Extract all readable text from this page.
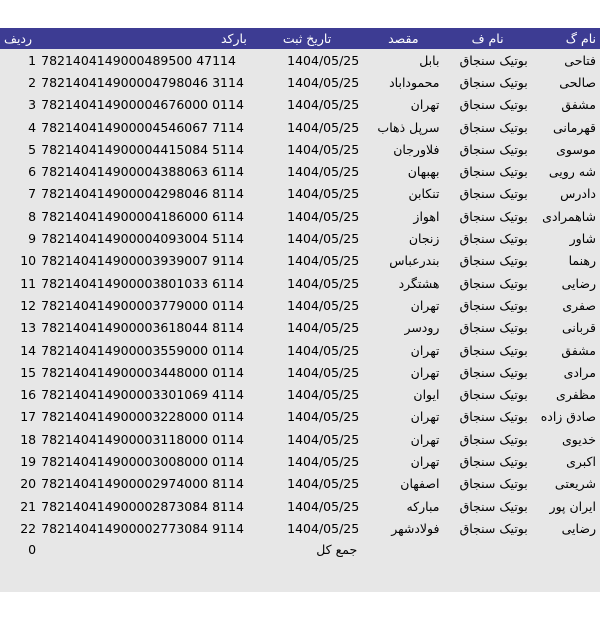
ردیف	بارکد	تاریخ ثبت	مقصد	نام ف	نام گ
1	7821404149000489500 47114	1404/05/25	بابل	بوتیک سنجاق	فتاحی
2	782140414900004798046 3114	1404/05/25	محموداباد	بوتیک سنجاق	صالحی
3	782140414900004676000 0114	1404/05/25	تهران	بوتیک سنجاق	مشفق
4	782140414900004546067 7114	1404/05/25	سرپل ذهاب	بوتیک سنجاق	قهرمانی
5	782140414900004415084 5114	1404/05/25	فلاورجان	بوتیک سنجاق	موسوی
6	782140414900004388063 6114	1404/05/25	بهبهان	بوتیک سنجاق	شه رویی
7	782140414900004298046 8114	1404/05/25	تنکابن	بوتیک سنجاق	دادرس
8	782140414900004186000 6114	1404/05/25	اهواز	بوتیک سنجاق	شاهمرادی
9	782140414900004093004 5114	1404/05/25	زنجان	بوتیک سنجاق	شاور
10	782140414900003939007 9114	1404/05/25	بندرعباس	بوتیک سنجاق	رهنما
11	782140414900003801033 6114	1404/05/25	هشتگرد	بوتیک سنجاق	رضایی
12	782140414900003779000 0114	1404/05/25	تهران	بوتیک سنجاق	صفری
13	782140414900003618044 8114	1404/05/25	رودسر	بوتیک سنجاق	قربانی
14	782140414900003559000 0114	1404/05/25	تهران	بوتیک سنجاق	مشفق
15	782140414900003448000 0114	1404/05/25	تهران	بوتیک سنجاق	مرادی
16	782140414900003301069 4114	1404/05/25	ایوان	بوتیک سنجاق	مظفری
17	782140414900003228000 0114	1404/05/25	تهران	بوتیک سنجاق	صادق زاده
18	782140414900003118000 0114	1404/05/25	تهران	بوتیک سنجاق	خدیوی
19	782140414900003008000 0114	1404/05/25	تهران	بوتیک سنجاق	اکبری
20	782140414900002974000 8114	1404/05/25	اصفهان	بوتیک سنجاق	شریعتی
21	782140414900002873084 8114	1404/05/25	مبارکه	بوتیک سنجاق	ایران پور
22	782140414900002773084 9114	1404/05/25	فولادشهر	بوتیک سنجاق	رضایی
0		جمع کل			
